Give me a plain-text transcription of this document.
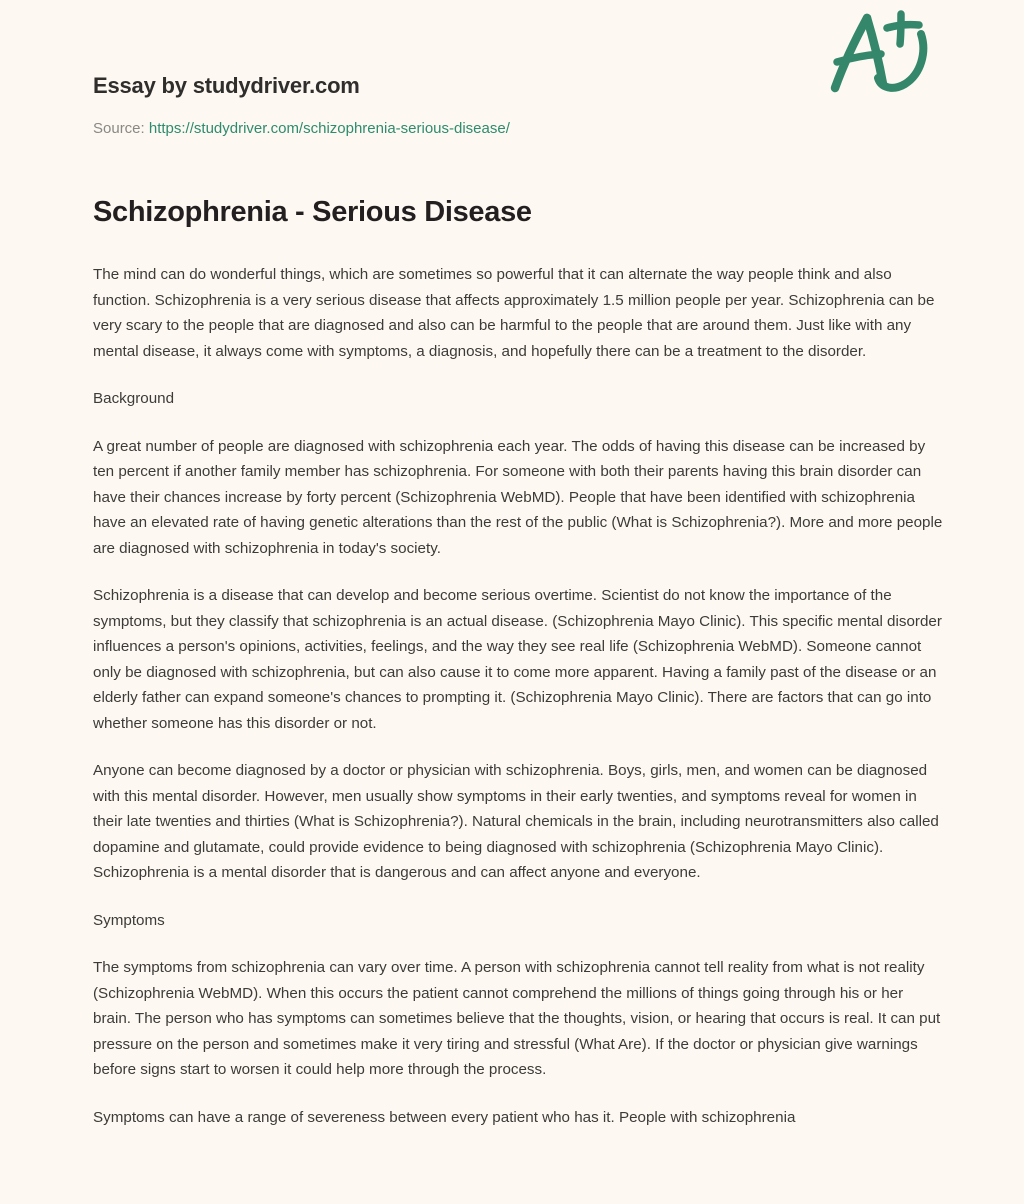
Essay by studydriver.com
Source: https://studydriver.com/schizophrenia-serious-disease/
Schizophrenia - Serious Disease

The mind can do wonderful things, which are sometimes so powerful that it can alternate the way people think and also function. Schizophrenia is a very serious disease that affects approximately 1.5 million people per year. Schizophrenia can be very scary to the people that are diagnosed and also can be harmful to the people that are around them. Just like with any mental disease, it always come with symptoms, a diagnosis, and hopefully there can be a treatment to the disorder.

Background

A great number of people are diagnosed with schizophrenia each year. The odds of having this disease can be increased by ten percent if another family member has schizophrenia. For someone with both their parents having this brain disorder can have their chances increase by forty percent (Schizophrenia WebMD). People that have been identified with schizophrenia have an elevated rate of having genetic alterations than the rest of the public (What is Schizophrenia?). More and more people are diagnosed with schizophrenia in today's society.

Schizophrenia is a disease that can develop and become serious overtime. Scientist do not know the importance of the symptoms, but they classify that schizophrenia is an actual disease. (Schizophrenia Mayo Clinic). This specific mental disorder influences a person's opinions, activities, feelings, and the way they see real life (Schizophrenia WebMD). Someone cannot only be diagnosed with schizophrenia, but can also cause it to come more apparent. Having a family past of the disease or an elderly father can expand someone's chances to prompting it. (Schizophrenia Mayo Clinic). There are factors that can go into whether someone has this disorder or not.

Anyone can become diagnosed by a doctor or physician with schizophrenia. Boys, girls, men, and women can be diagnosed with this mental disorder. However, men usually show symptoms in their early twenties, and symptoms reveal for women in their late twenties and thirties (What is Schizophrenia?). Natural chemicals in the brain, including neurotransmitters also called dopamine and glutamate, could provide evidence to being diagnosed with schizophrenia (Schizophrenia Mayo Clinic). Schizophrenia is a mental disorder that is dangerous and can affect anyone and everyone.

Symptoms

The symptoms from schizophrenia can vary over time. A person with schizophrenia cannot tell reality from what is not reality (Schizophrenia WebMD). When this occurs the patient cannot comprehend the millions of things going through his or her brain. The person who has symptoms can sometimes believe that the thoughts, vision, or hearing that occurs is real. It can put pressure on the person and sometimes make it very tiring and stressful (What Are). If the doctor or physician give warnings before signs start to worsen it could help more through the process.

Symptoms can have a range of severeness between every patient who has it. People with schizophrenia
